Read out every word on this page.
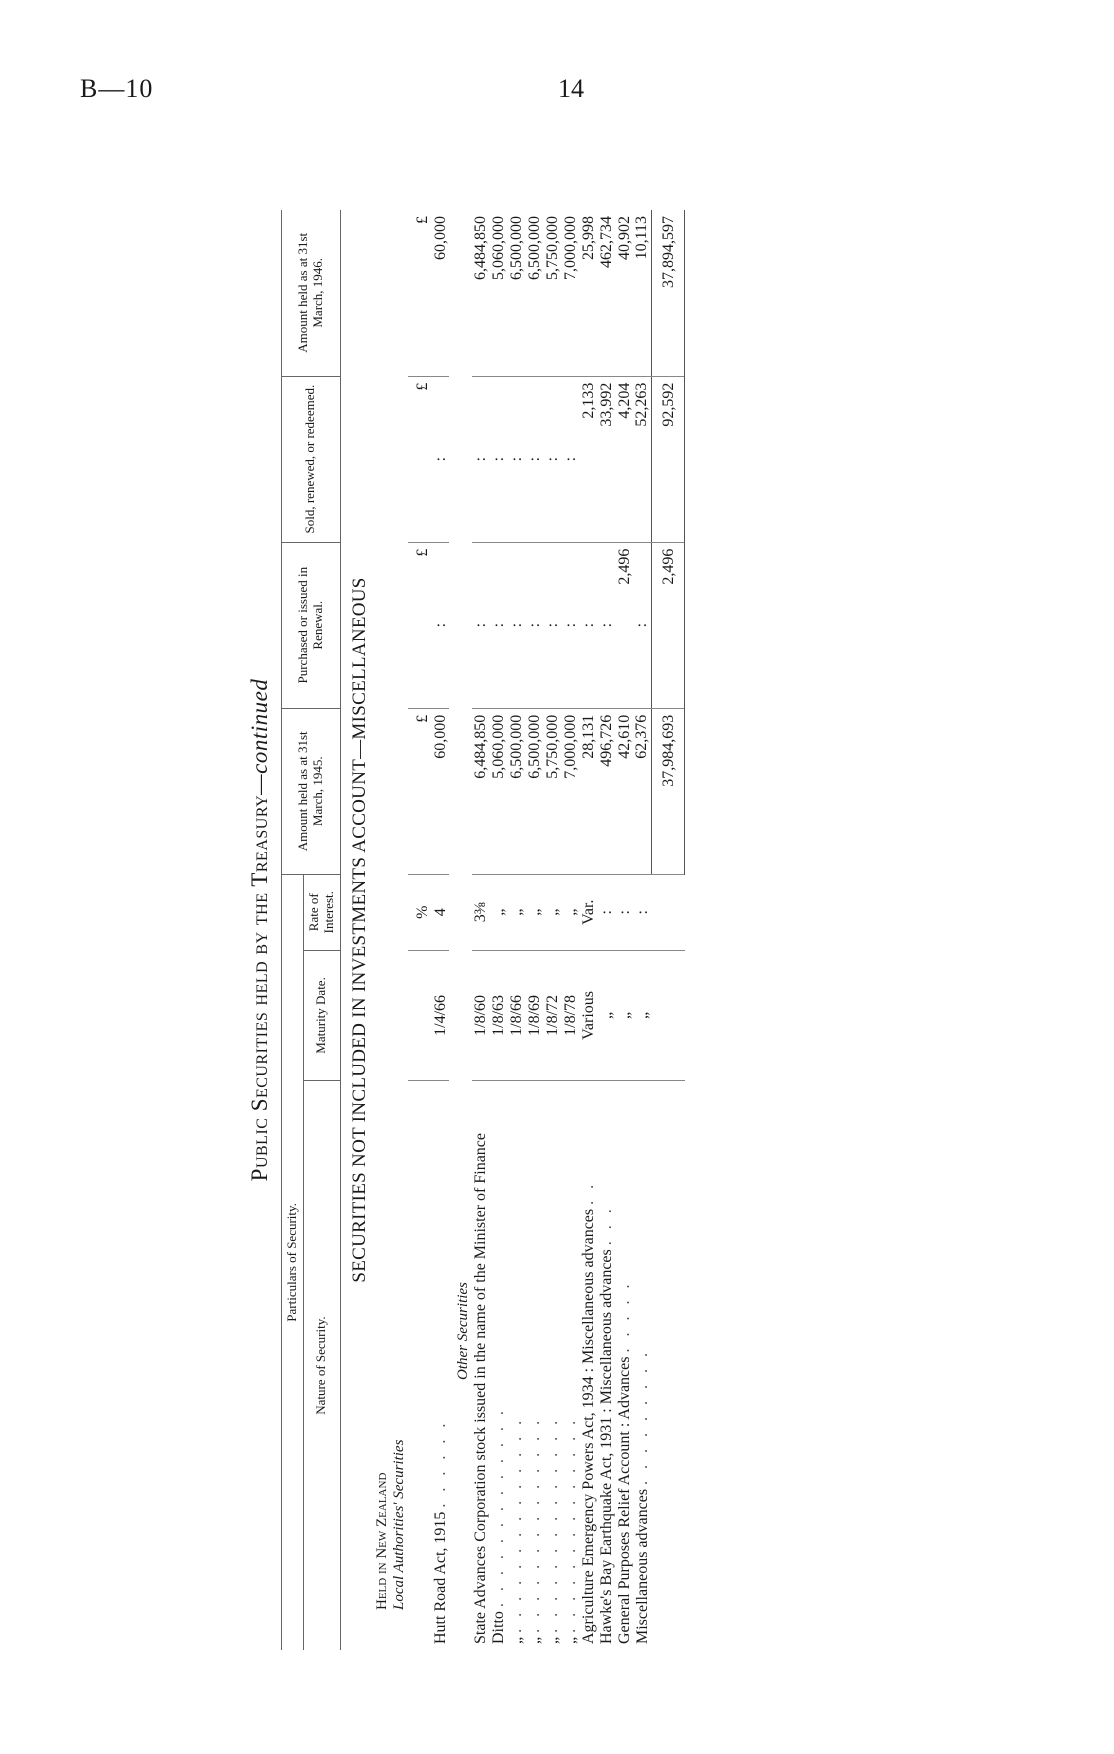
B—10	14
Public Securities held by the Treasury—continued
Particulars of Security.			Amount held as at 31st March, 1945.	Purchased or issued in Renewal.	Sold, renewed, or redeemed.	Amount held as at 31st March, 1946.
Nature of Security.	Maturity Date.	Rate of Interest.				
SECURITIES NOT INCLUDED IN INVESTMENTS ACCOUNT—MISCELLANEOUS						

Held in New Zealand Local Authorities' Securities						

		%	£	£	£	£
Hutt Road Act, 1915 . . . . . .	1/4/66	4	60,000	:	:	60,000
Other Securities						
State Advances Corporation stock issued in the name of the Minister of Finance	1/8/60	3⅜	6,484,850	:	:	6,484,850
Ditto . . . . . . . . . . . . .	1/8/63	„	5,060,000	:	:	5,060,000
„ . . . . . . . . . . . . . .	1/8/66	„	6,500,000	:	:	6,500,000
„ . . . . . . . . . . . . . .	1/8/69	„	6,500,000	:	:	6,500,000
„ . . . . . . . . . . . . . .	1/8/72	„	5,750,000	:	:	5,750,000
„ . . . . . . . . . . . . . .	1/8/78	„	7,000,000	:	:	7,000,000
Agriculture Emergency Powers Act, 1934 : Miscellaneous advances . .	Various	Var.	28,131	:	2,133	25,998
Hawke's Bay Earthquake Act, 1931 : Miscellaneous advances . . .	„	:	496,726	:	33,992	462,734
General Purposes Relief Account : Advances . . . . .	„	:	42,610	2,496	4,204	40,902
Miscellaneous advances . . . . . . . . .	„	:	62,376	:	52,263	10,113
			37,984,693	2,496	92,592	37,894,597
